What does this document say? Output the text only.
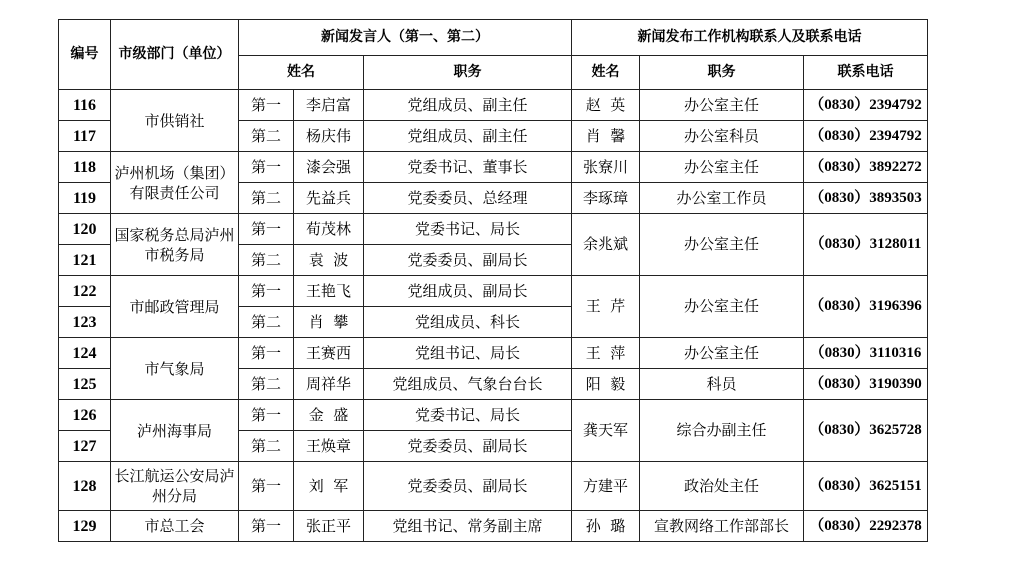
编号	市级部门（单位）	新闻发言人（第一、第二）			新闻发布工作机构联系人及联系电话		
		姓名		职务	姓名	职务	联系电话
116	市供销社	第一	李启富	党组成员、副主任	赵  英	办公室主任	（0830）2394792
117		第二	杨庆伟	党组成员、副主任	肖  馨	办公室科员	（0830）2394792
118	泸州机场（集团）有限责任公司	第一	漆会强	党委书记、董事长	张寮川	办公室主任	（0830）3892272
119		第二	先益兵	党委委员、总经理	李琢璋	办公室工作员	（0830）3893503
120	国家税务总局泸州市税务局	第一	荀茂林	党委书记、局长	余兆斌	办公室主任	（0830）3128011
121		第二	袁  波	党委委员、副局长			
122	市邮政管理局	第一	王艳飞	党组成员、副局长	王  芹	办公室主任	（0830）3196396
123		第二	肖  攀	党组成员、科长			
124	市气象局	第一	王赛西	党组书记、局长	王  萍	办公室主任	（0830）3110316
125		第二	周祥华	党组成员、气象台台长	阳  毅	科员	（0830）3190390
126	泸州海事局	第一	金  盛	党委书记、局长	龚天军	综合办副主任	（0830）3625728
127		第二	王焕章	党委委员、副局长			
128	长江航运公安局泸州分局	第一	刘  军	党委委员、副局长	方建平	政治处主任	（0830）3625151
129	市总工会	第一	张正平	党组书记、常务副主席	孙  璐	宣教网络工作部部长	（0830）2292378
